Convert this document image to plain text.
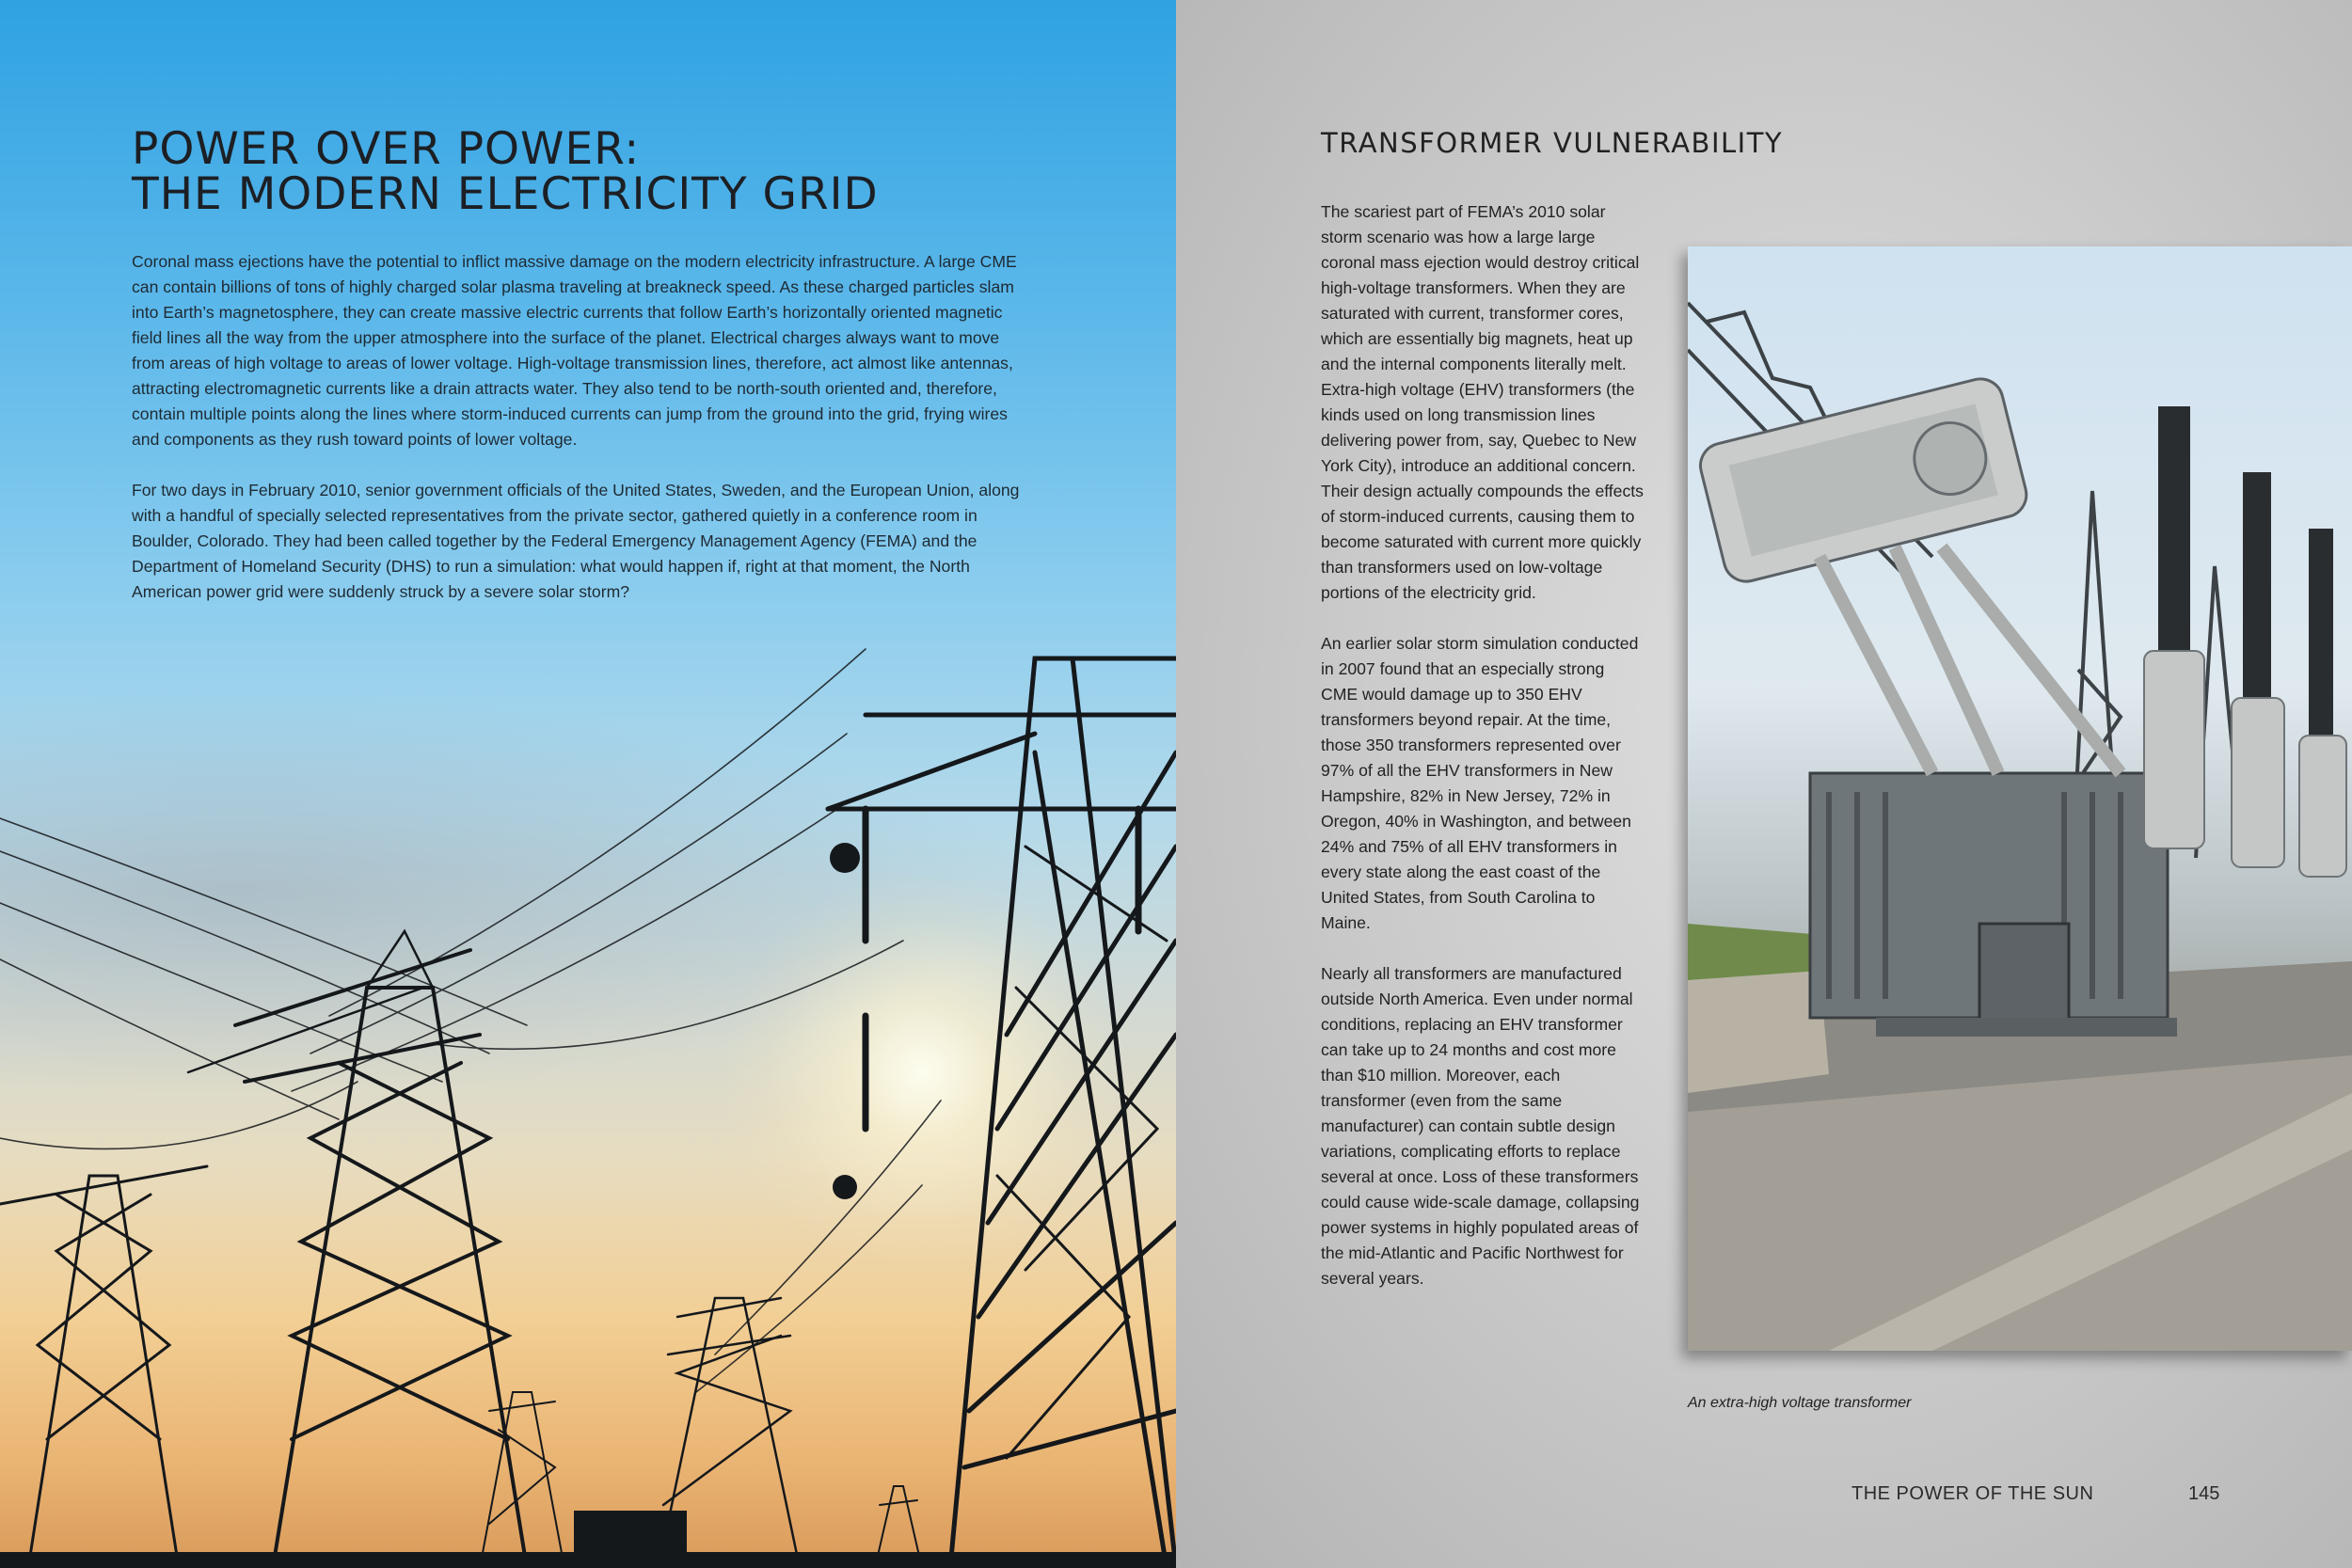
POWER OVER POWER:
THE MODERN ELECTRICITY GRID

Coronal mass ejections have the potential to inflict massive damage on the modern electricity infrastructure. A large CME can contain billions of tons of highly charged solar plasma traveling at breakneck speed. As these charged particles slam into Earth’s magnetosphere, they can create massive electric currents that follow Earth’s horizontally oriented magnetic field lines all the way from the upper atmosphere into the surface of the planet. Electrical charges always want to move from areas of high voltage to areas of lower voltage. High-voltage transmission lines, therefore, act almost like antennas, attracting electromagnetic currents like a drain attracts water. They also tend to be north-south oriented and, therefore, contain multiple points along the lines where storm-induced currents can jump from the ground into the grid, frying wires and components as they rush toward points of lower voltage.

For two days in February 2010, senior government officials of the United States, Sweden, and the European Union, along with a handful of specially selected representatives from the private sector, gathered quietly in a conference room in Boulder, Colorado. They had been called together by the Federal Emergency Management Agency (FEMA) and the Department of Homeland Security (DHS) to run a simulation: what would happen if, right at that moment, the North American power grid were suddenly struck by a severe solar storm?

TRANSFORMER VULNERABILITY

The scariest part of FEMA’s 2010 solar storm scenario was how a large large coronal mass ejection would destroy critical high-voltage transformers. When they are saturated with current, transformer cores, which are essentially big magnets, heat up and the internal components literally melt. Extra-high voltage (EHV) transformers (the kinds used on long transmission lines delivering power from, say, Quebec to New York City), introduce an additional concern. Their design actually compounds the effects of storm-induced currents, causing them to become saturated with current more quickly than transformers used on low-voltage portions of the electricity grid.

An earlier solar storm simulation conducted in 2007 found that an especially strong CME would damage up to 350 EHV transformers beyond repair. At the time, those 350 transformers represented over 97% of all the EHV transformers in New Hampshire, 82% in New Jersey, 72% in Oregon, 40% in Washington, and between 24% and 75% of all EHV transformers in every state along the east coast of the United States, from South Carolina to Maine.

Nearly all transformers are manufactured outside North America. Even under normal conditions, replacing an EHV transformer can take up to 24 months and cost more than $10 million. Moreover, each transformer (even from the same manufacturer) can contain subtle design variations, complicating efforts to replace several at once. Loss of these transformers could cause wide-scale damage, collapsing power systems in highly populated areas of the mid-Atlantic and Pacific Northwest for several years.

An extra-high voltage transformer
THE POWER OF THE SUN	145
